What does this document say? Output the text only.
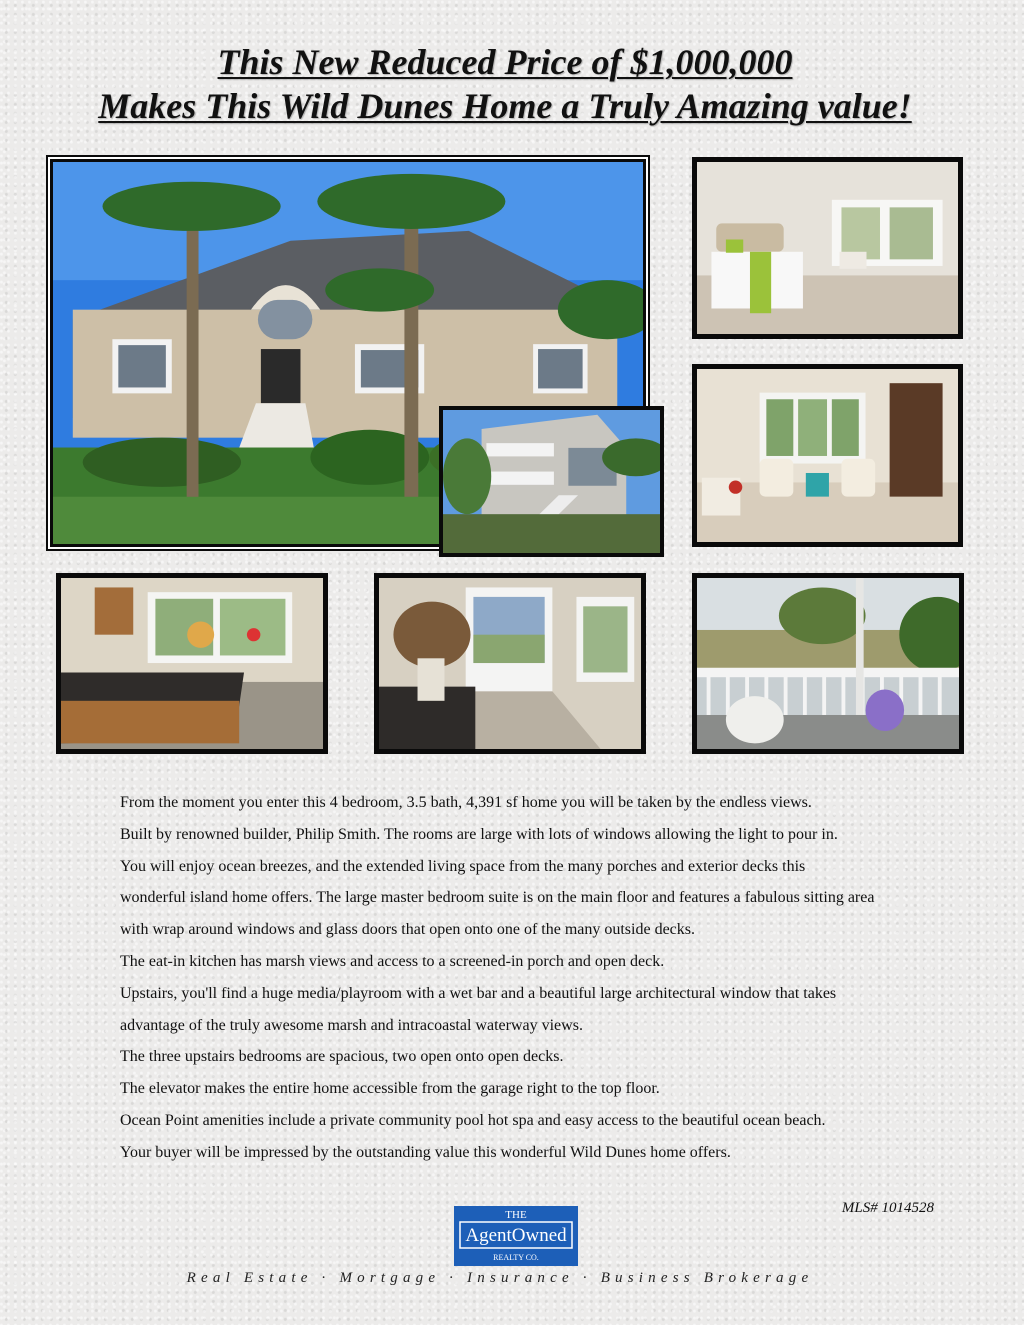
This New Reduced Price of $1,000,000
Makes This Wild Dunes Home a Truly Amazing value!

From the moment you enter this 4 bedroom, 3.5 bath, 4,391 sf home you will be taken by the endless views.

Built by renowned builder, Philip Smith. The rooms are large with lots of windows allowing the light to pour in.

You will enjoy ocean breezes, and the extended living space from the many porches and exterior decks this

wonderful island home offers. The large master bedroom suite is on the main floor and features a fabulous sitting area

with wrap around windows and glass doors that open onto one of the many outside decks.

The eat-in kitchen has marsh views and access to a screened-in porch and open deck.

Upstairs, you'll find a huge media/playroom with a wet bar and a beautiful large architectural window that takes

advantage of the truly awesome marsh and intracoastal waterway views.

The three upstairs bedrooms are spacious, two open onto open decks.

The elevator makes the entire home accessible from the garage right to the top floor.

Ocean Point amenities include a private community pool hot spa and easy access to the beautiful ocean beach.

Your buyer will be impressed by the outstanding value this wonderful Wild Dunes home offers.

MLS# 1014528
THE
AgentOwned
REALTY CO.
Real Estate · Mortgage · Insurance · Business Brokerage
